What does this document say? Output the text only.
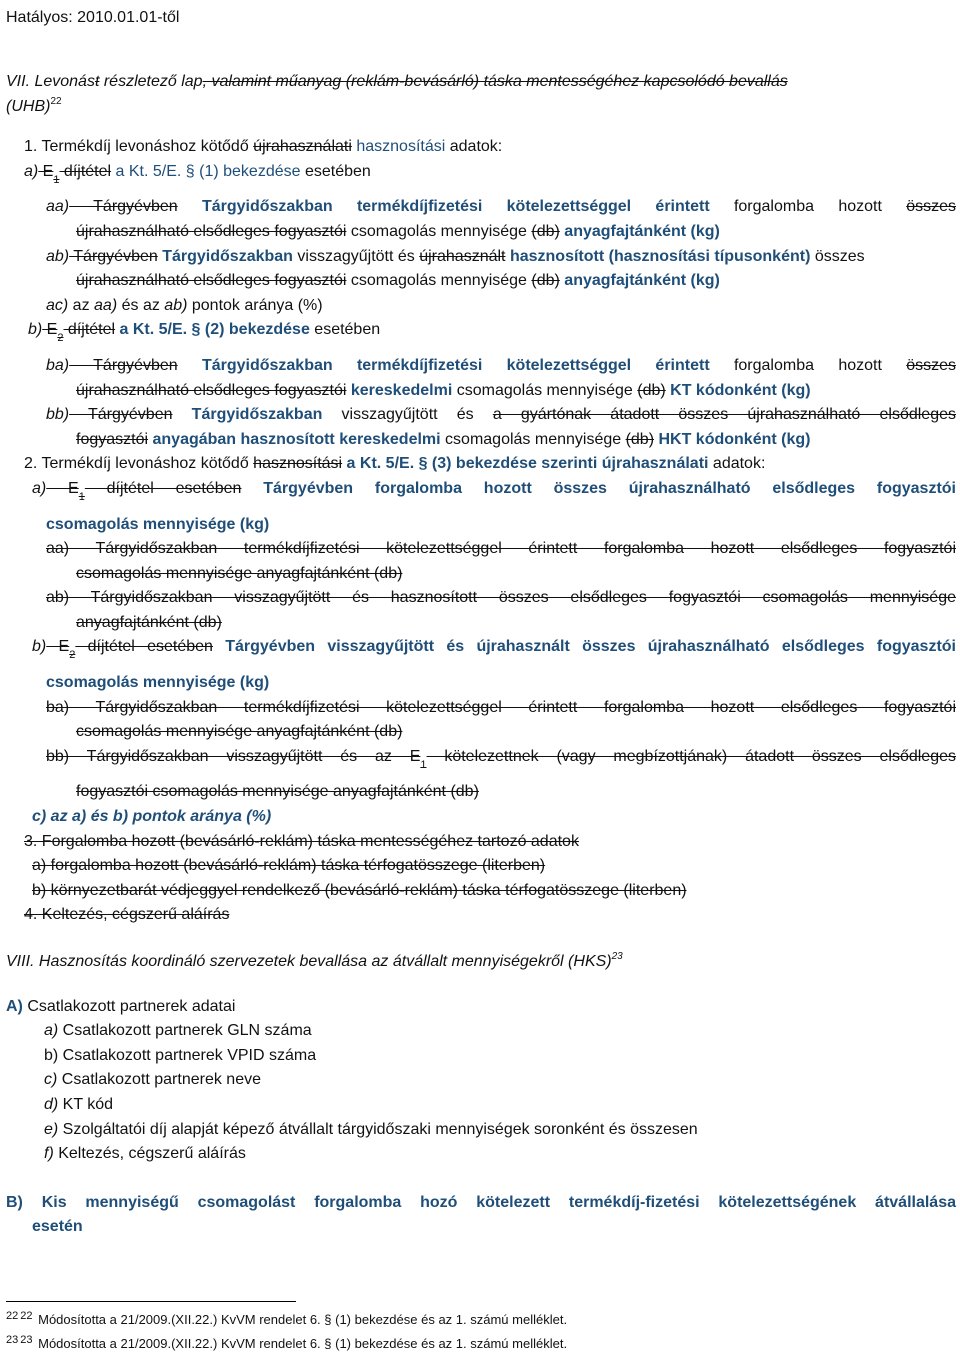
Hatályos: 2010.01.01-től
VII. Levonást részletező lap, valamint műanyag (reklám-bevásárló) táska mentességéhez kapcsolódó bevallás
(UHB)$^{22}$
1. Termékdíj levonáshoz kötődő újrahasználati hasznosítási adatok:
a) $E_1$ díjtétel a Kt. 5/E. § (1) bekezdése esetében
aa) Tárgyévben Tárgyidőszakban termékdíjfizetési kötelezettséggel érintett forgalomba hozott összes
újrahasználható elsődleges fogyasztói csomagolás mennyisége (db) anyagfajtánként (kg)
ab) Tárgyévben Tárgyidőszakban visszagyűjtött és újrahasznált hasznosított (hasznosítási típusonként) összes
újrahasználható elsődleges fogyasztói csomagolás mennyisége (db) anyagfajtánként (kg)
ac) az aa) és az ab) pontok aránya (%)
b) $E_2$ díjtétel a Kt. 5/E. § (2) bekezdése esetében
ba) Tárgyévben Tárgyidőszakban termékdíjfizetési kötelezettséggel érintett forgalomba hozott összes
újrahasználható elsődleges fogyasztói kereskedelmi csomagolás mennyisége (db) KT kódonként (kg)
bb) Tárgyévben Tárgyidőszakban visszagyűjtött és a gyártónak átadott összes újrahasználható elsődleges
fogyasztói anyagában hasznosított kereskedelmi csomagolás mennyisége (db) HKT kódonként (kg)
2. Termékdíj levonáshoz kötődő hasznosítási a Kt. 5/E. § (3) bekezdése szerinti újrahasználati adatok:
a) $E_1$ díjtétel esetében Tárgyévben forgalomba hozott összes újrahasználható elsődleges fogyasztói
csomagolás mennyisége (kg)
aa) Tárgyidőszakban termékdíjfizetési kötelezettséggel érintett forgalomba hozott elsődleges fogyasztói
csomagolás mennyisége anyagfajtánként (db)
ab) Tárgyidőszakban visszagyűjtött és hasznosított összes elsődleges fogyasztói csomagolás mennyisége
anyagfajtánként (db)
b) $E_2$ díjtétel esetében Tárgyévben visszagyűjtött és újrahasznált összes újrahasználható elsődleges fogyasztói
csomagolás mennyisége (kg)
ba) Tárgyidőszakban termékdíjfizetési kötelezettséggel érintett forgalomba hozott elsődleges fogyasztói
csomagolás mennyisége anyagfajtánként (db)
bb) Tárgyidőszakban visszagyűjtött és az $E_1$ kötelezettnek (vagy megbízottjának) átadott összes elsődleges
fogyasztói csomagolás mennyisége anyagfajtánként (db)
c) az a) és b) pontok aránya (%)
3. Forgalomba hozott (bevásárló-reklám) táska mentességéhez tartozó adatok
a) forgalomba hozott (bevásárló-reklám) táska térfogatösszege (literben)
b) környezetbarát védjeggyel rendelkező (bevásárló-reklám) táska térfogatösszege (literben)
4. Keltezés, cégszerű aláírás
VIII. Hasznosítás koordináló szervezetek bevallása az átvállalt mennyiségekről (HKS)$^{23}$
A) Csatlakozott partnerek adatai
a) Csatlakozott partnerek GLN száma
b) Csatlakozott partnerek VPID száma
c) Csatlakozott partnerek neve
d) KT kód
e) Szolgáltatói díj alapját képező átvállalt tárgyidőszaki mennyiségek soronként és összesen
f) Keltezés, cégszerű aláírás
B) Kis mennyiségű csomagolást forgalomba hozó kötelezett termékdíj-fizetési kötelezettségének átvállalása
esetén
$^{22}$ $^{22}$ Módosította a 21/2009.(XII.22.) KvVM rendelet 6. § (1) bekezdése és az 1. számú melléklet.
$^{23}$ $^{23}$ Módosította a 21/2009.(XII.22.) KvVM rendelet 6. § (1) bekezdése és az 1. számú melléklet.
